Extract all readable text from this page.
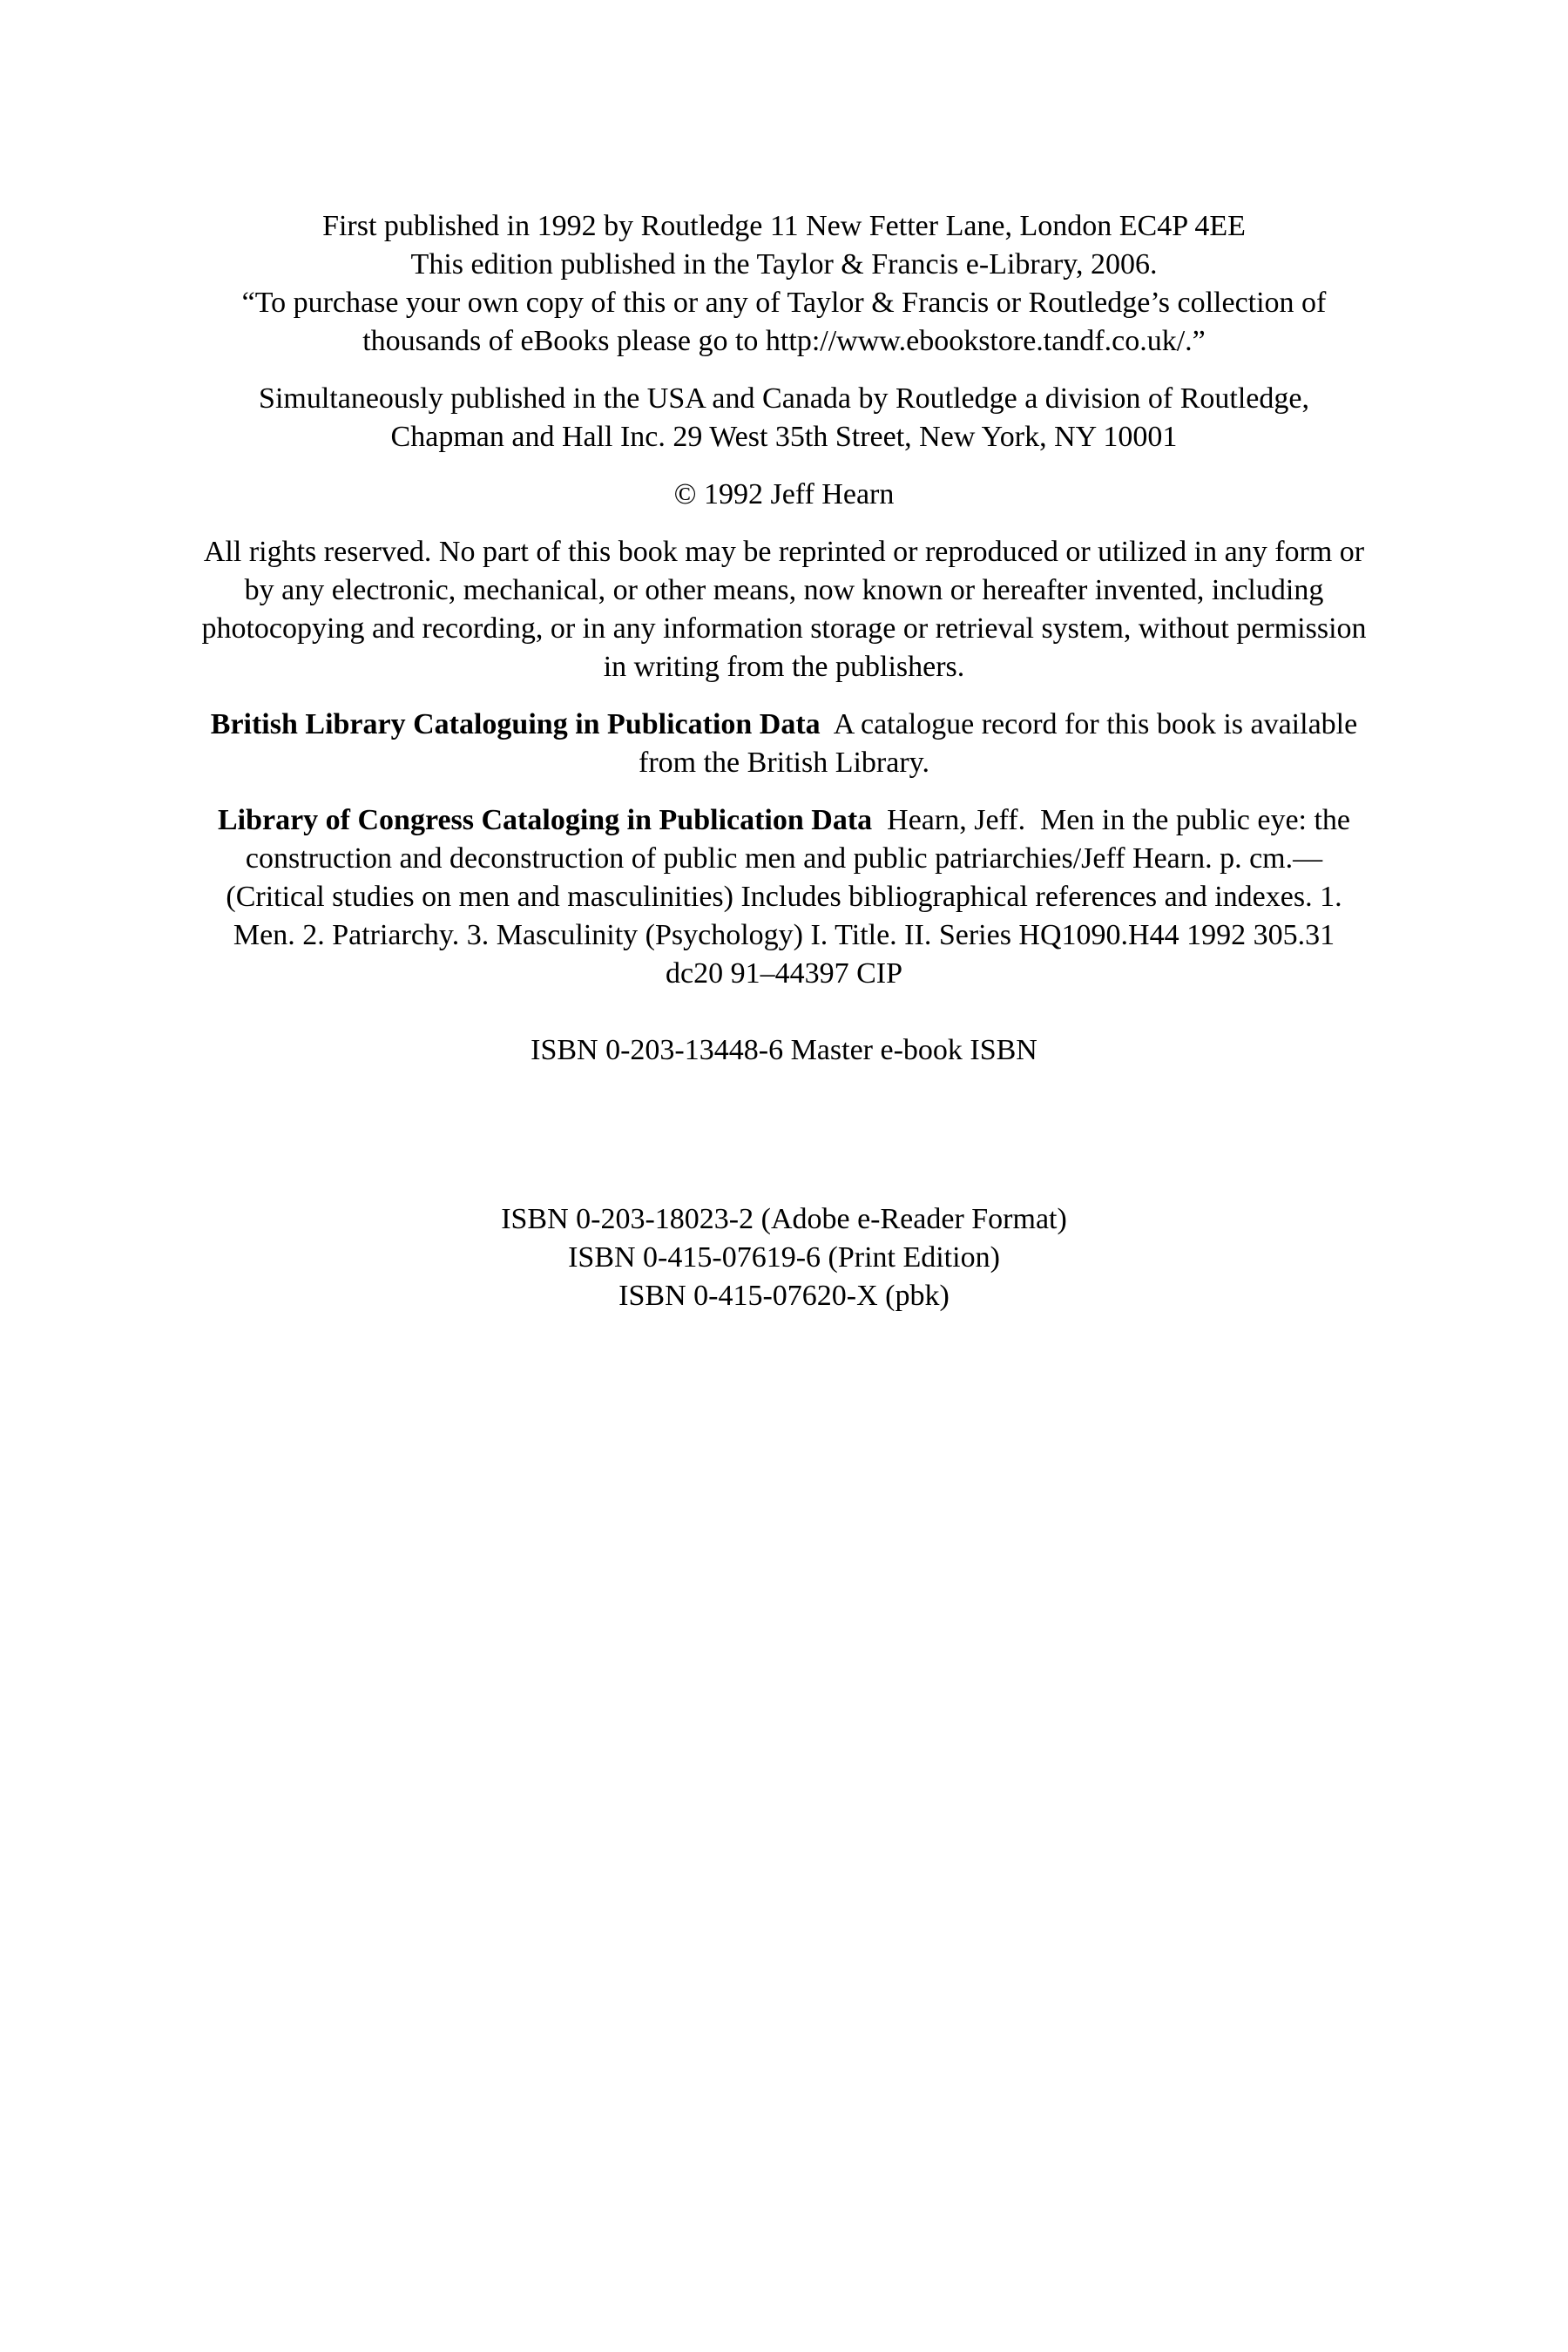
First published in 1992 by Routledge 11 New Fetter Lane, London EC4P 4EE
This edition published in the Taylor & Francis e-Library, 2006.
“To purchase your own copy of this or any of Taylor & Francis or Routledge’s collection of
thousands of eBooks please go to http://www.ebookstore.tandf.co.uk/.”
Simultaneously published in the USA and Canada by Routledge a division of Routledge,
Chapman and Hall Inc. 29 West 35th Street, New York, NY 10001
© 1992 Jeff Hearn
All rights reserved. No part of this book may be reprinted or reproduced or utilized in any form or
by any electronic, mechanical, or other means, now known or hereafter invented, including
photocopying and recording, or in any information storage or retrieval system, without permission
in writing from the publishers.
British Library Cataloguing in Publication Data  A catalogue record for this book is available
from the British Library.
Library of Congress Cataloging in Publication Data  Hearn, Jeff.  Men in the public eye: the
construction and deconstruction of public men and public patriarchies/Jeff Hearn. p. cm.—
(Critical studies on men and masculinities) Includes bibliographical references and indexes. 1.
Men. 2. Patriarchy. 3. Masculinity (Psychology) I. Title. II. Series HQ1090.H44 1992 305.31
dc20 91–44397 CIP
ISBN 0-203-13448-6 Master e-book ISBN
ISBN 0-203-18023-2 (Adobe e-Reader Format)
ISBN 0-415-07619-6 (Print Edition)
ISBN 0-415-07620-X (pbk)
